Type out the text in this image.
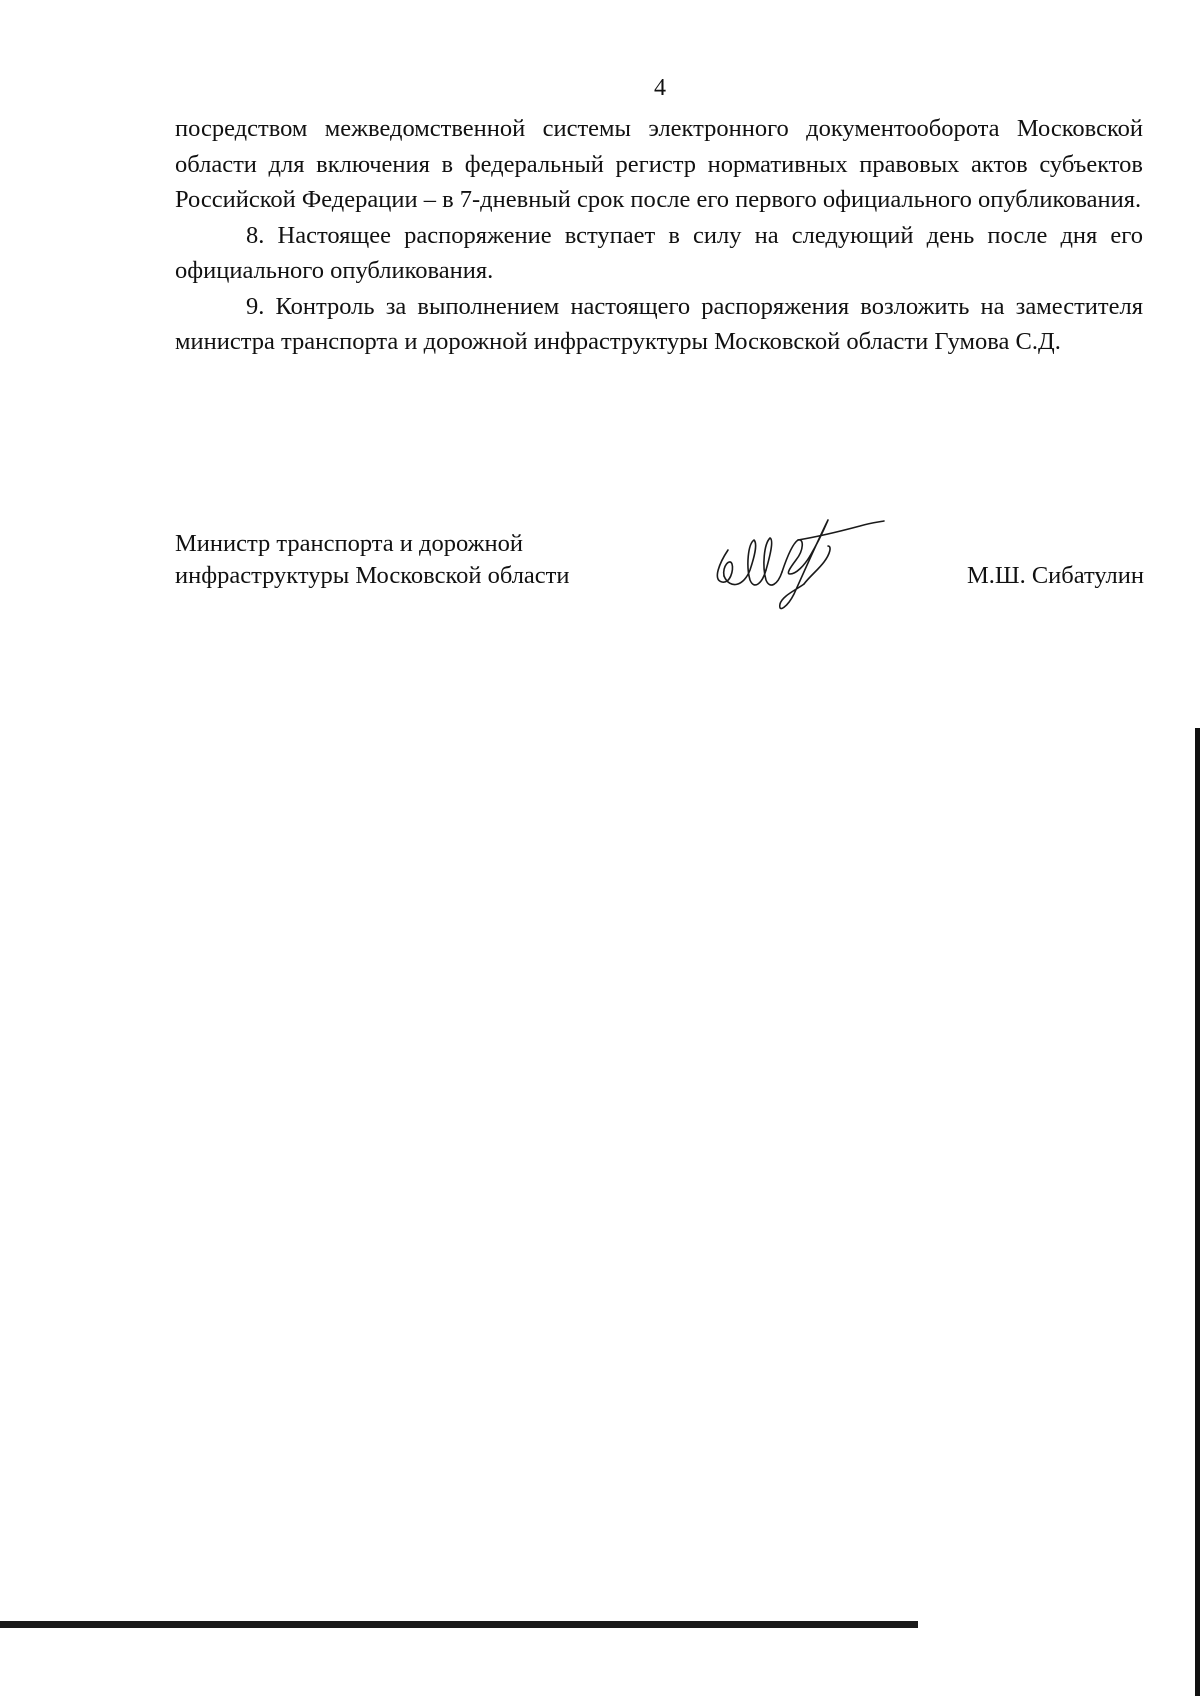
4

посредством межведомственной системы электронного документооборота Московской области для включения в федеральный регистр нормативных правовых актов субъектов Российской Федерации – в 7-дневный срок после его первого официального опубликования.

8. Настоящее распоряжение вступает в силу на следующий день после дня его официального опубликования.

9. Контроль за выполнением настоящего распоряжения возложить на заместителя министра транспорта и дорожной инфраструктуры Московской области Гумова С.Д.

Министр транспорта и дорожной
инфраструктуры Московской области	М.Ш. Сибатулин
